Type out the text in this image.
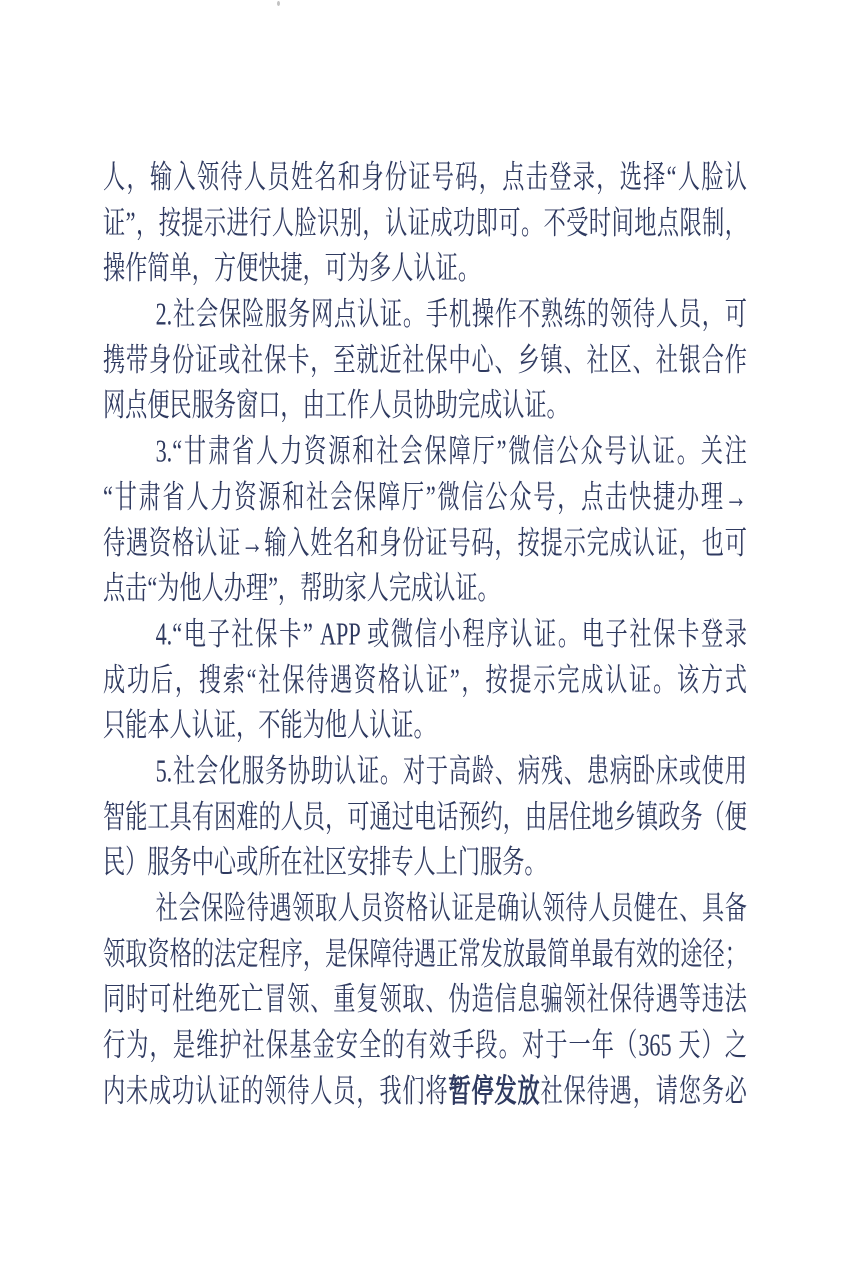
人，输入领待人员姓名和身份证号码，点击登录，选择“人脸认
证”，按提示进行人脸识别，认证成功即可。不受时间地点限制，
操作简单，方便快捷，可为多人认证。
2.社会保险服务网点认证。手机操作不熟练的领待人员，可
携带身份证或社保卡，至就近社保中心、乡镇、社区、社银合作
网点便民服务窗口，由工作人员协助完成认证。
3.“甘肃省人力资源和社会保障厅”微信公众号认证。关注
“甘肃省人力资源和社会保障厅”微信公众号，点击快捷办理→
待遇资格认证→输入姓名和身份证号码，按提示完成认证，也可
点击“为他人办理”，帮助家人完成认证。
4.“电子社保卡” APP 或微信小程序认证。电子社保卡登录
成功后，搜索“社保待遇资格认证”，按提示完成认证。该方式
只能本人认证，不能为他人认证。
5.社会化服务协助认证。对于高龄、病残、患病卧床或使用
智能工具有困难的人员，可通过电话预约，由居住地乡镇政务（便
民）服务中心或所在社区安排专人上门服务。
社会保险待遇领取人员资格认证是确认领待人员健在、具备
领取资格的法定程序，是保障待遇正常发放最简单最有效的途径；
同时可杜绝死亡冒领、重复领取、伪造信息骗领社保待遇等违法
行为，是维护社保基金安全的有效手段。对于一年（365 天）之
内未成功认证的领待人员，我们将暂停发放社保待遇，请您务必
